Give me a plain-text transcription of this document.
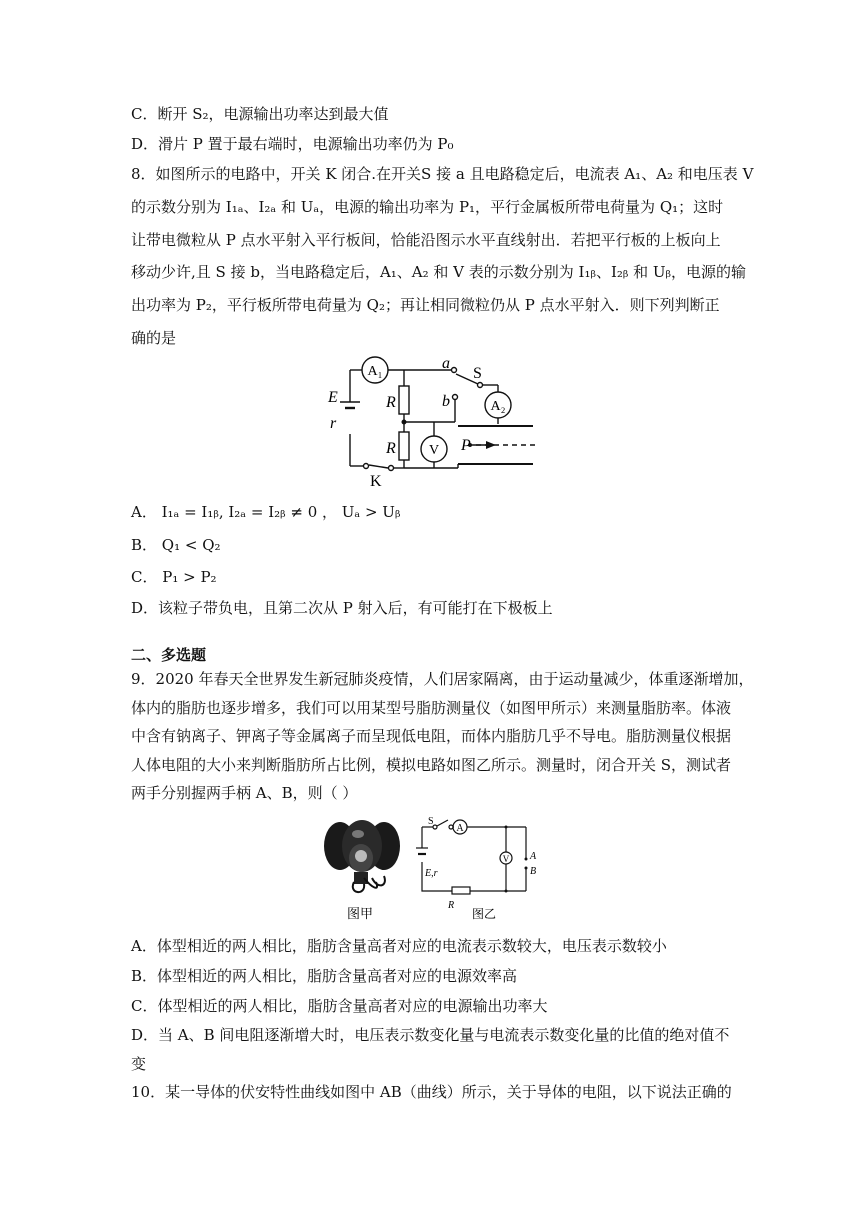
C．断开 S₂，电源输出功率达到最大值
D．滑片 P 置于最右端时，电源输出功率仍为 P₀
8．如图所示的电路中，开关 K 闭合.在开关S 接 a 且电路稳定后，电流表 A₁、A₂ 和电压表 V
的示数分别为 I₁ₐ、I₂ₐ 和 Uₐ，电源的输出功率为 P₁，平行金属板所带电荷量为 Q₁；这时
让带电微粒从 P 点水平射入平行板间，恰能沿图示水平直线射出．若把平行板的上板向上
移动少许,且 S 接 b，当电路稳定后，A₁、A₂ 和 V 表的示数分别为 I₁ᵦ、I₂ᵦ 和 Uᵦ，电源的输
出功率为 P₂，平行板所带电荷量为 Q₂；再让相同微粒仍从 P 点水平射入．则下列判断正
确的是
A₁
A₂
V
R
R
E
r
K
S
a
b
P
A． I₁ₐ = I₁ᵦ, I₂ₐ = I₂ᵦ ≠ 0 ， Uₐ > Uᵦ
B． Q₁ < Q₂
C． P₁ > P₂
D．该粒子带负电，且第二次从 P 射入后，有可能打在下极板上
二、多选题
9．2020 年春天全世界发生新冠肺炎疫情，人们居家隔离，由于运动量减少，体重逐渐增加，
体内的脂肪也逐步增多，我们可以用某型号脂肪测量仪（如图甲所示）来测量脂肪率。体液
中含有钠离子、钾离子等金属离子而呈现低电阻，而体内脂肪几乎不导电。脂肪测量仪根据
人体电阻的大小来判断脂肪所占比例，模拟电路如图乙所示。测量时，闭合开关 S，测试者
两手分别握两手柄 A、B，则（ ）
图甲
S
A
V
E,r
R
A
B
图乙
A．体型相近的两人相比，脂肪含量高者对应的电流表示数较大，电压表示数较小
B．体型相近的两人相比，脂肪含量高者对应的电源效率高
C．体型相近的两人相比，脂肪含量高者对应的电源输出功率大
D．当 A、B 间电阻逐渐增大时，电压表示数变化量与电流表示数变化量的比值的绝对值不
变
10．某一导体的伏安特性曲线如图中 AB（曲线）所示，关于导体的电阻，以下说法正确的
